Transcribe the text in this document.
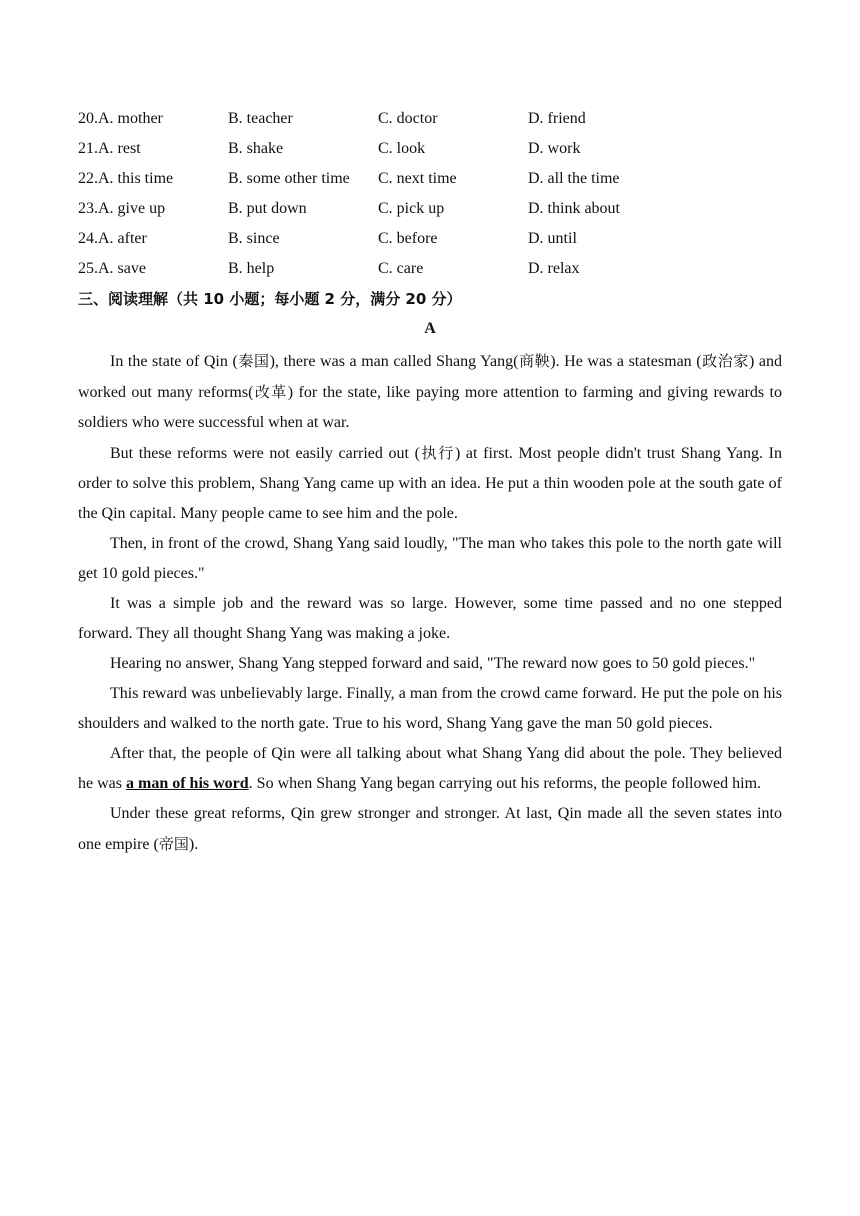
20.A. mother	B. teacher	C. doctor	D. friend
21.A. rest	B. shake	C. look	D. work
22.A. this time	B. some other time	C. next time	D. all the time
23.A. give up	B. put down	C. pick up	D. think about
24.A. after	B. since	C. before	D. until
25.A. save	B. help	C. care	D. relax
三、阅读理解（共 10 小题；每小题 2 分，满分 20 分）
A

In the state of Qin (秦国), there was a man called Shang Yang(商鞅). He was a statesman (政治家) and worked out many reforms(改革) for the state, like paying more attention to farming and giving rewards to soldiers who were successful when at war.

But these reforms were not easily carried out (执行) at first. Most people didn't trust Shang Yang. In order to solve this problem, Shang Yang came up with an idea. He put a thin wooden pole at the south gate of the Qin capital. Many people came to see him and the pole.

Then, in front of the crowd, Shang Yang said loudly, "The man who takes this pole to the north gate will get 10 gold pieces."

It was a simple job and the reward was so large. However, some time passed and no one stepped forward. They all thought Shang Yang was making a joke.

Hearing no answer, Shang Yang stepped forward and said, "The reward now goes to 50 gold pieces."

This reward was unbelievably large. Finally, a man from the crowd came forward. He put the pole on his shoulders and walked to the north gate. True to his word, Shang Yang gave the man 50 gold pieces.

After that, the people of Qin were all talking about what Shang Yang did about the pole. They believed he was a man of his word. So when Shang Yang began carrying out his reforms, the people followed him.

Under these great reforms, Qin grew stronger and stronger. At last, Qin made all the seven states into one empire (帝国).
